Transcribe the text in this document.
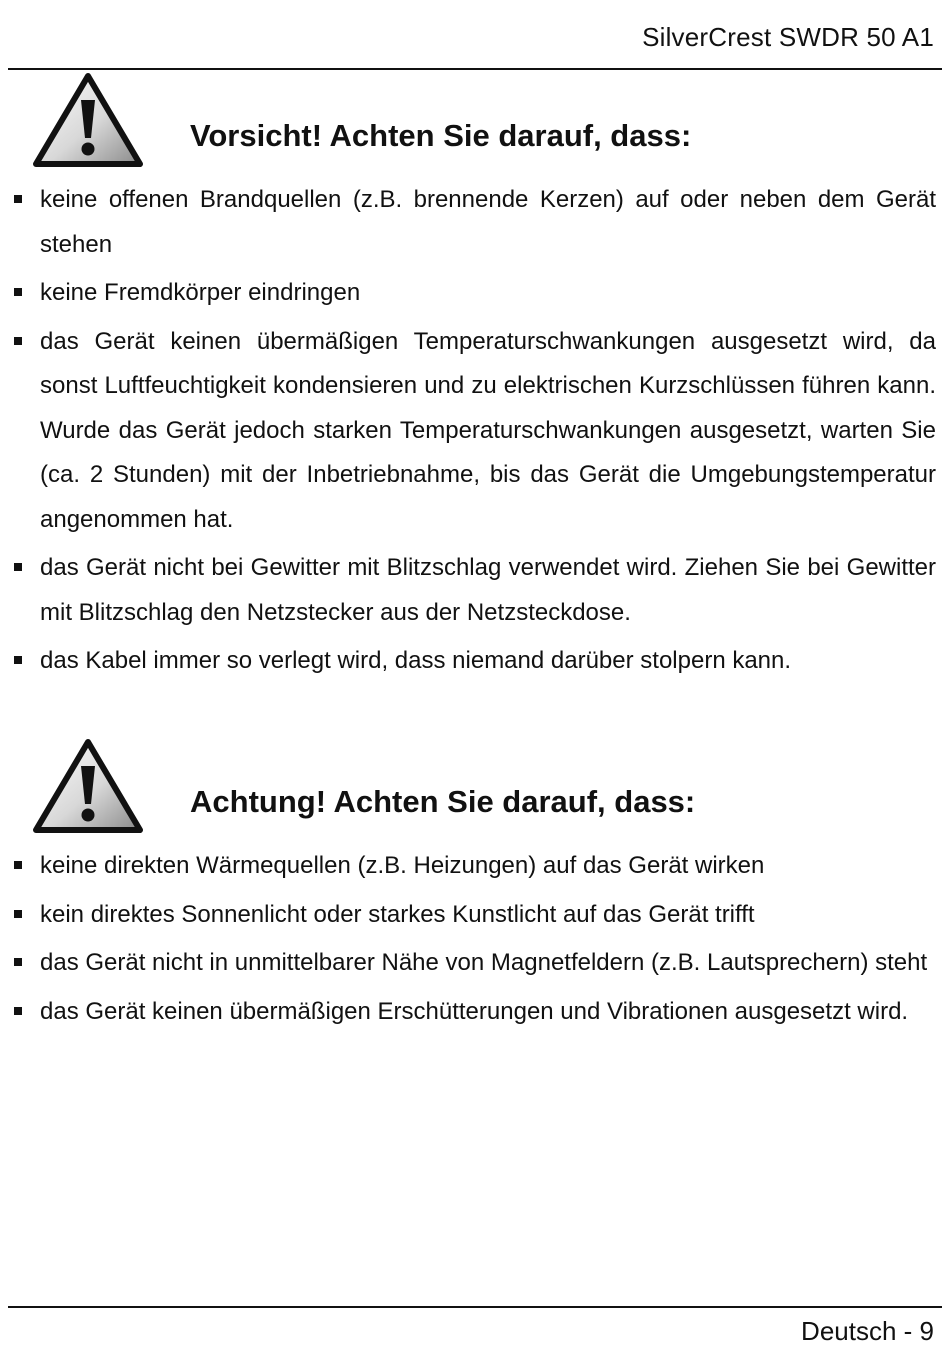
SilverCrest SWDR 50 A1
Vorsicht! Achten Sie darauf, dass:
keine offenen Brandquellen (z.B. brennende Kerzen) auf oder neben dem Gerät stehen
keine Fremdkörper eindringen
das Gerät keinen übermäßigen Temperaturschwankungen ausgesetzt wird, da sonst Luftfeuchtigkeit kondensieren und zu elektrischen Kurzschlüssen führen kann. Wurde das Gerät jedoch starken Temperaturschwankungen ausgesetzt, warten Sie (ca. 2 Stunden) mit der Inbetriebnahme, bis das Gerät die Umgebungstemperatur angenommen hat.
das Gerät nicht bei Gewitter mit Blitzschlag verwendet wird. Ziehen Sie bei Gewitter mit Blitzschlag den Netzstecker aus der Netzsteckdose.
das Kabel immer so verlegt wird, dass niemand darüber stolpern kann.
Achtung! Achten Sie darauf, dass:
keine direkten Wärmequellen (z.B. Heizungen) auf das Gerät wirken
kein direktes Sonnenlicht oder starkes Kunstlicht auf das Gerät trifft
das Gerät nicht in unmittelbarer Nähe von Magnetfeldern (z.B. Lautsprechern) steht
das Gerät keinen übermäßigen Erschütterungen und Vibrationen ausgesetzt wird.
Deutsch - 9
